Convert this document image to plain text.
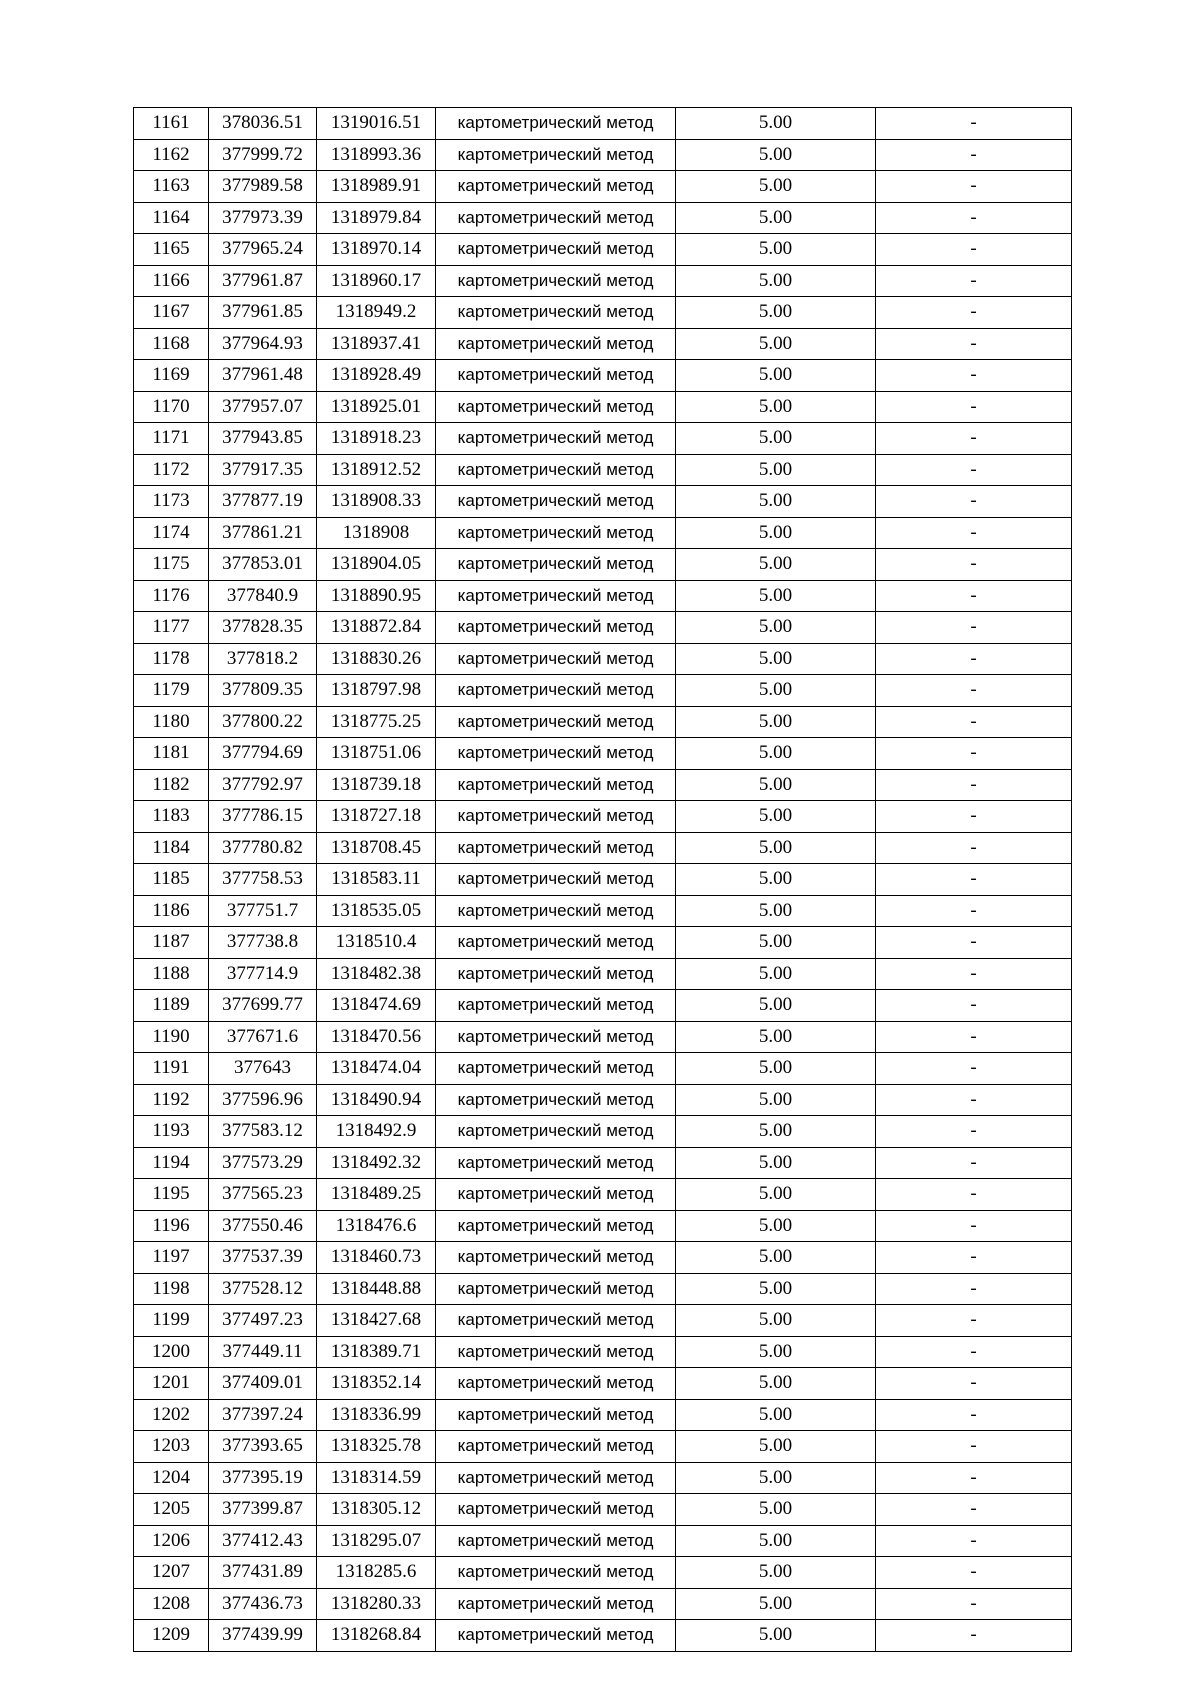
1161	378036.51	1319016.51	картометрический метод	5.00	-
1162	377999.72	1318993.36	картометрический метод	5.00	-
1163	377989.58	1318989.91	картометрический метод	5.00	-
1164	377973.39	1318979.84	картометрический метод	5.00	-
1165	377965.24	1318970.14	картометрический метод	5.00	-
1166	377961.87	1318960.17	картометрический метод	5.00	-
1167	377961.85	1318949.2	картометрический метод	5.00	-
1168	377964.93	1318937.41	картометрический метод	5.00	-
1169	377961.48	1318928.49	картометрический метод	5.00	-
1170	377957.07	1318925.01	картометрический метод	5.00	-
1171	377943.85	1318918.23	картометрический метод	5.00	-
1172	377917.35	1318912.52	картометрический метод	5.00	-
1173	377877.19	1318908.33	картометрический метод	5.00	-
1174	377861.21	1318908	картометрический метод	5.00	-
1175	377853.01	1318904.05	картометрический метод	5.00	-
1176	377840.9	1318890.95	картометрический метод	5.00	-
1177	377828.35	1318872.84	картометрический метод	5.00	-
1178	377818.2	1318830.26	картометрический метод	5.00	-
1179	377809.35	1318797.98	картометрический метод	5.00	-
1180	377800.22	1318775.25	картометрический метод	5.00	-
1181	377794.69	1318751.06	картометрический метод	5.00	-
1182	377792.97	1318739.18	картометрический метод	5.00	-
1183	377786.15	1318727.18	картометрический метод	5.00	-
1184	377780.82	1318708.45	картометрический метод	5.00	-
1185	377758.53	1318583.11	картометрический метод	5.00	-
1186	377751.7	1318535.05	картометрический метод	5.00	-
1187	377738.8	1318510.4	картометрический метод	5.00	-
1188	377714.9	1318482.38	картометрический метод	5.00	-
1189	377699.77	1318474.69	картометрический метод	5.00	-
1190	377671.6	1318470.56	картометрический метод	5.00	-
1191	377643	1318474.04	картометрический метод	5.00	-
1192	377596.96	1318490.94	картометрический метод	5.00	-
1193	377583.12	1318492.9	картометрический метод	5.00	-
1194	377573.29	1318492.32	картометрический метод	5.00	-
1195	377565.23	1318489.25	картометрический метод	5.00	-
1196	377550.46	1318476.6	картометрический метод	5.00	-
1197	377537.39	1318460.73	картометрический метод	5.00	-
1198	377528.12	1318448.88	картометрический метод	5.00	-
1199	377497.23	1318427.68	картометрический метод	5.00	-
1200	377449.11	1318389.71	картометрический метод	5.00	-
1201	377409.01	1318352.14	картометрический метод	5.00	-
1202	377397.24	1318336.99	картометрический метод	5.00	-
1203	377393.65	1318325.78	картометрический метод	5.00	-
1204	377395.19	1318314.59	картометрический метод	5.00	-
1205	377399.87	1318305.12	картометрический метод	5.00	-
1206	377412.43	1318295.07	картометрический метод	5.00	-
1207	377431.89	1318285.6	картометрический метод	5.00	-
1208	377436.73	1318280.33	картометрический метод	5.00	-
1209	377439.99	1318268.84	картометрический метод	5.00	-
